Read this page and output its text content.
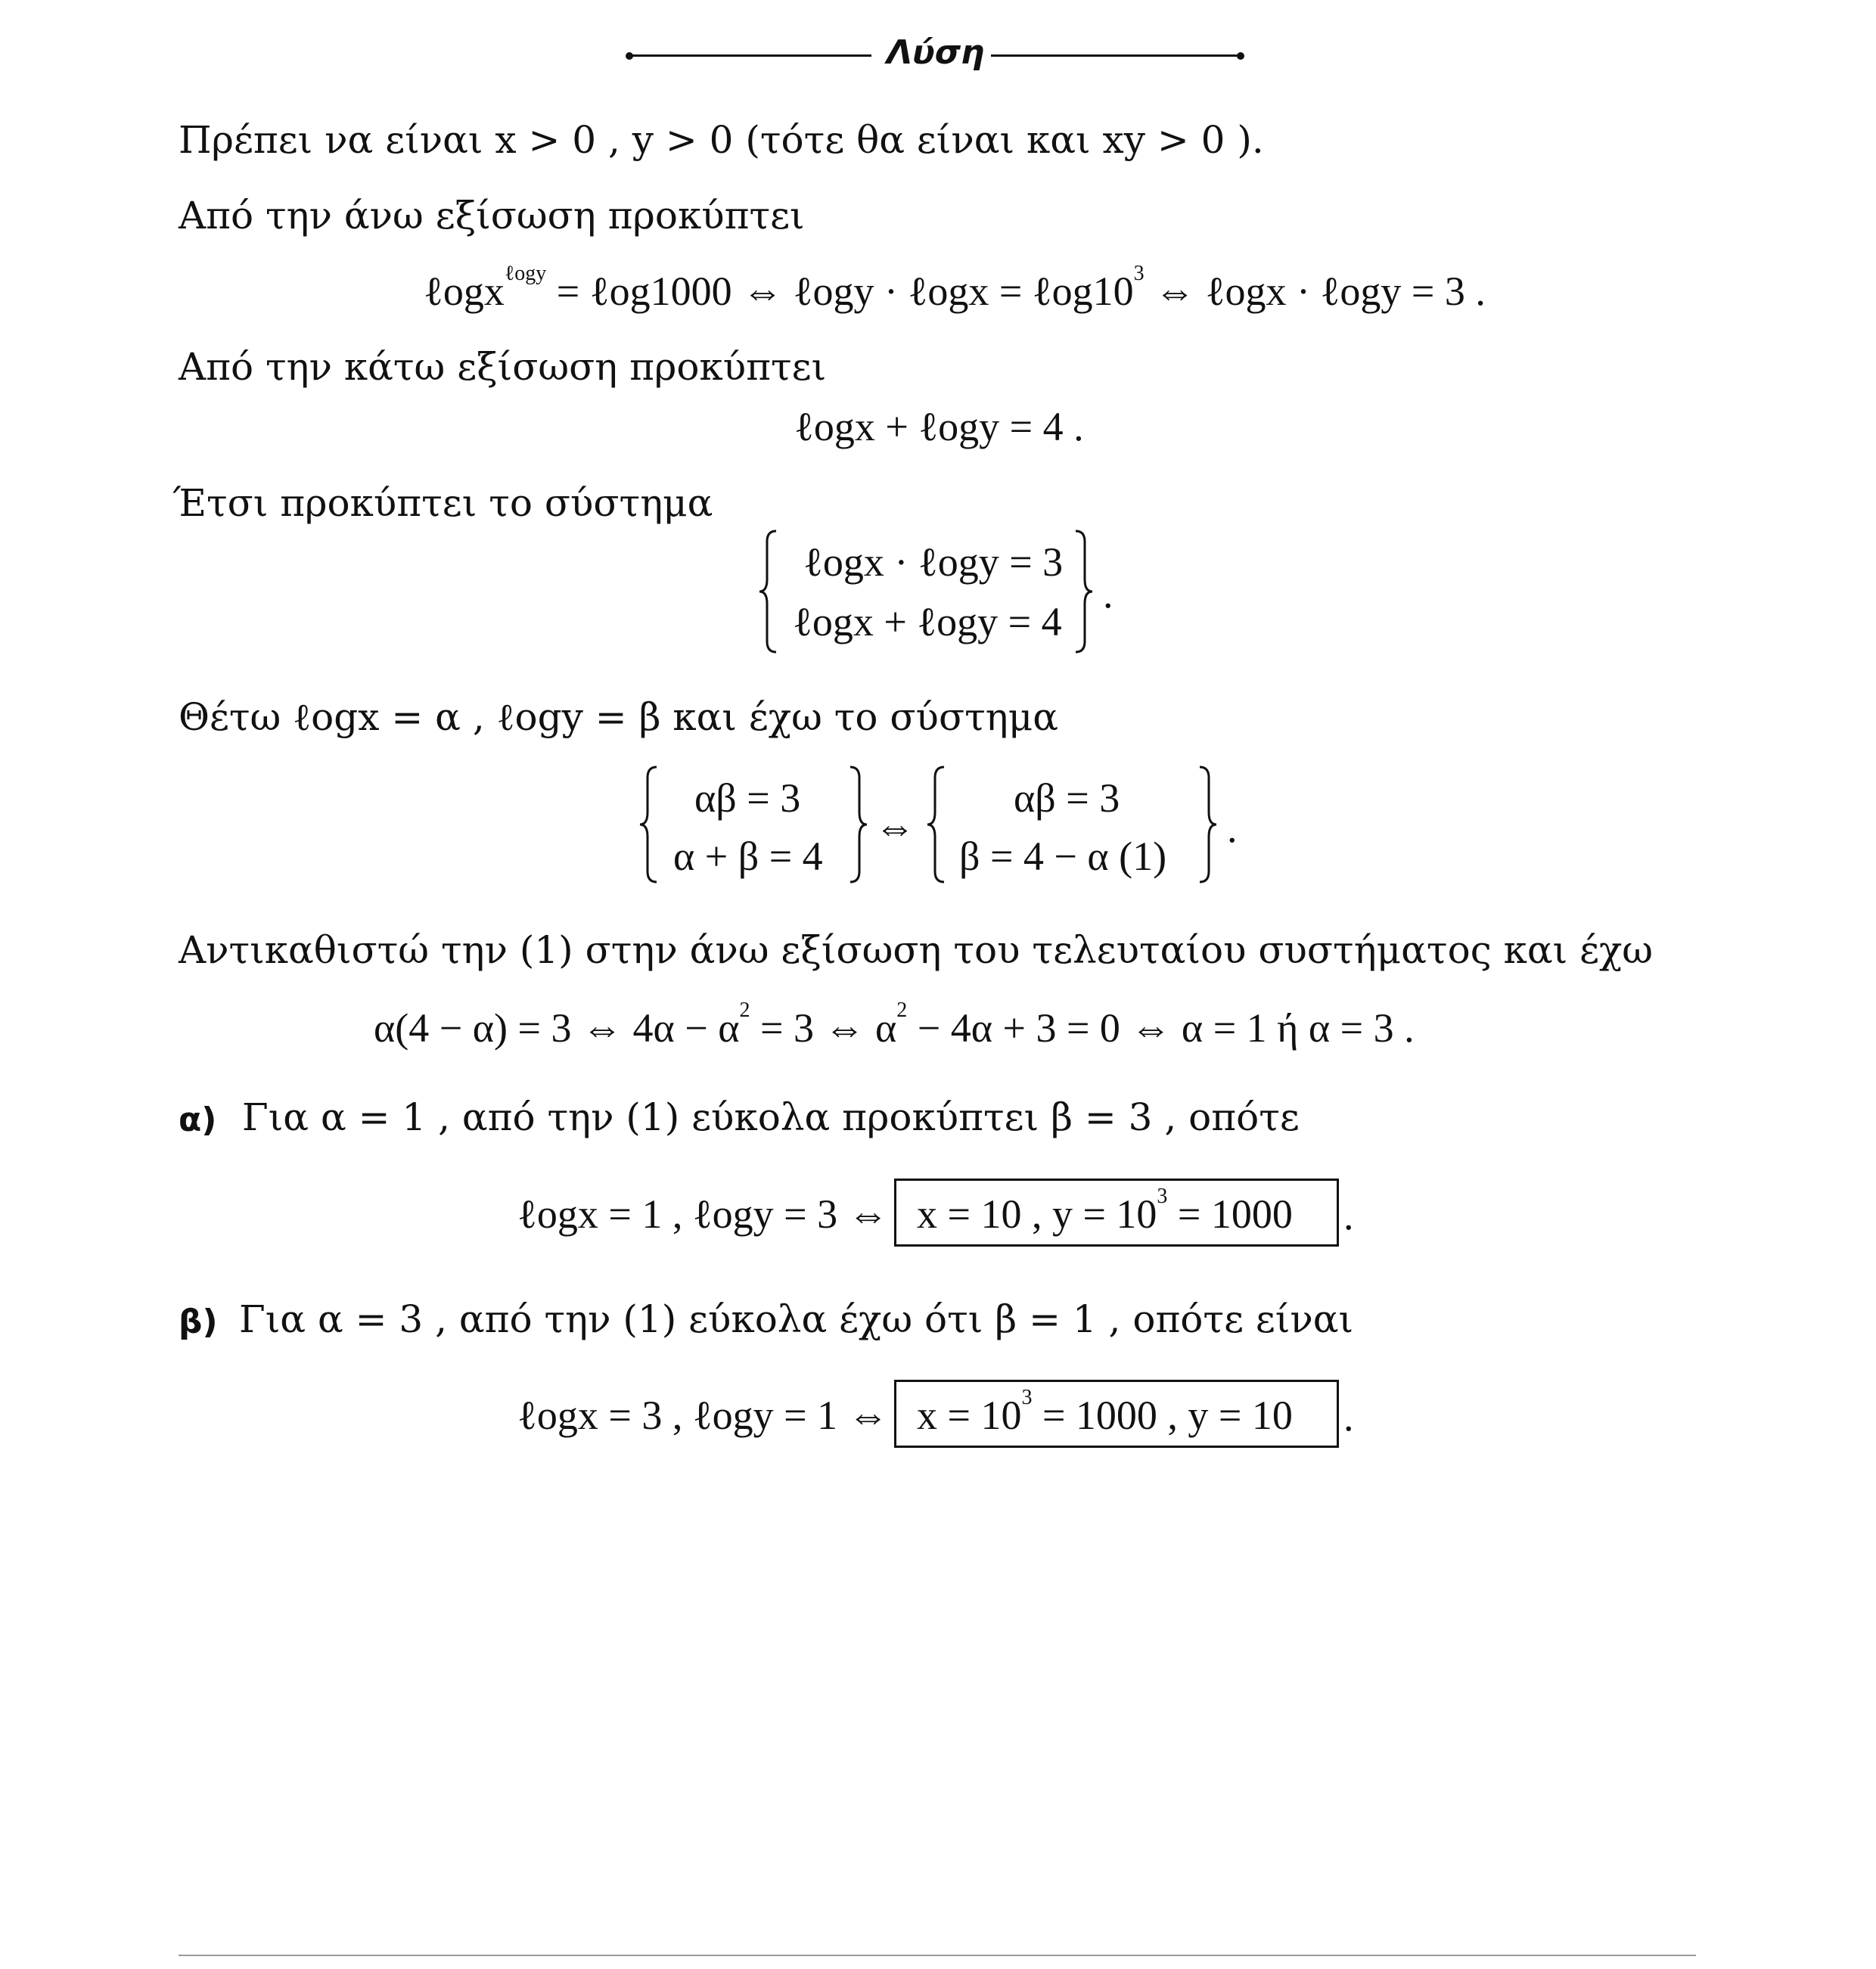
Λύση
Πρέπει να είναι x > 0 , y > 0 (τότε θα είναι και xy > 0 ).
Από την άνω εξίσωση προκύπτει
ℓogx$^{\ell ogy}$ = ℓog1000 ⇔ ℓogy · ℓogx = $\ell og10^3$ ⇔ ℓogx · ℓogy = 3 .
Από την κάτω εξίσωση προκύπτει
ℓogx + ℓogy = 4 .
Έτσι προκύπτει το σύστημα
ℓogx · ℓogy = 3
ℓogx + ℓogy = 4
.
Θέτω ℓogx = α , ℓogy = β και έχω το σύστημα
αβ = 3
α + β = 4
⇔
αβ = 3
β = 4 − α (1)
.
Αντικαθιστώ την (1) στην άνω εξίσωση του τελευταίου συστήματος και έχω
α(4 − α) = 3 ⇔ $4\alpha - \alpha^2 = 3$ ⇔ $\alpha^2 - 4\alpha + 3 = 0$ ⇔ α = 1 ή α = 3 .
α) Για α = 1 , από την (1) εύκολα προκύπτει β = 3 , οπότε
ℓogx = 1 , ℓogy = 3 ⇔ x = 10 , $y = 10^3 = 1000$ .
β) Για α = 3 , από την (1) εύκολα έχω ότι β = 1 , οπότε είναι
ℓogx = 3 , ℓogy = 1 ⇔ $x = 10^3 = 1000$ , y = 10 .
